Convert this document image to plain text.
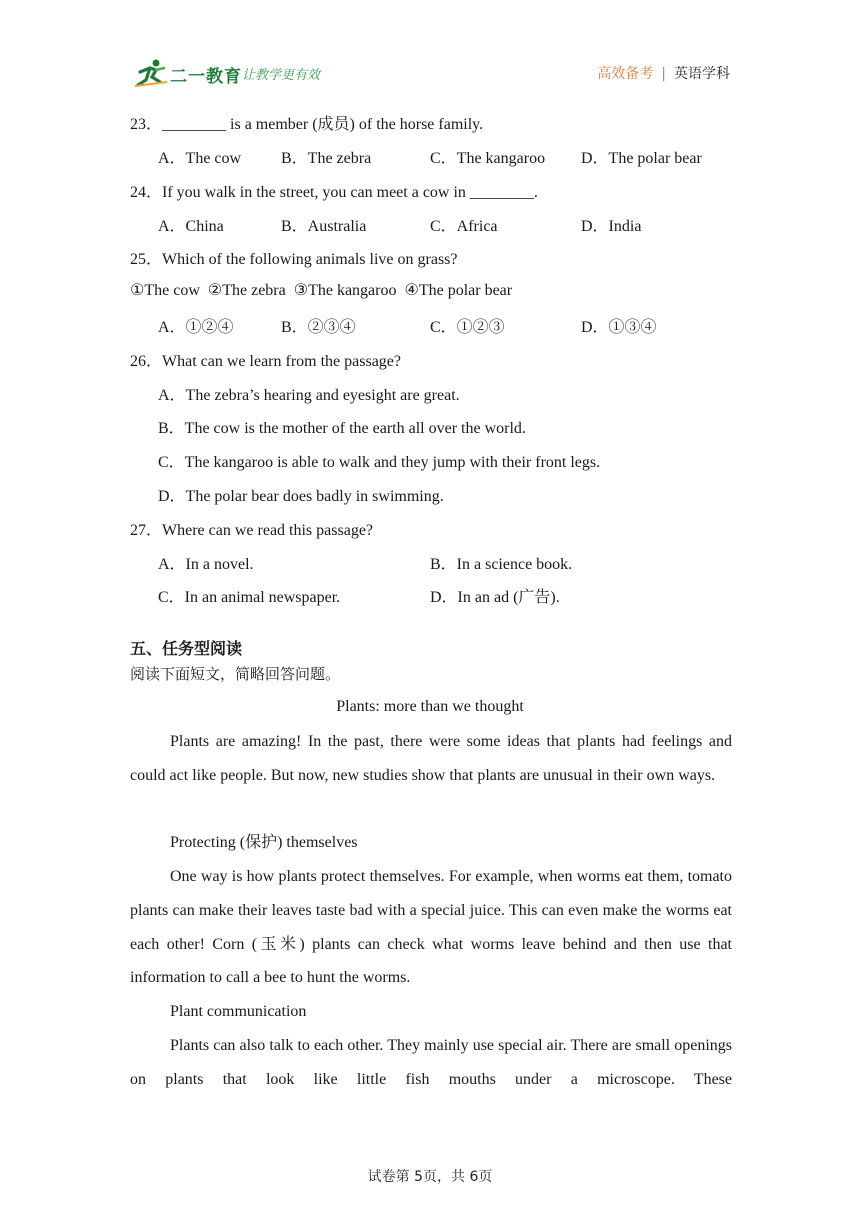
二一教育 让教学更有效	高效备考 | 英语学科
23．________ is a member (成员) of the horse family.
A．The cow B．The zebra	C．The kangaroo D．The polar bear
24．If you walk in the street, you can meet a cow in ________.
A．China	B．Australia	C．Africa	D．India
25．Which of the following animals live on grass?
①The cow  ②The zebra  ③The kangaroo  ④The polar bear
A．①②④	B．②③④	C．①②③	D．①③④
26．What can we learn from the passage?
A．The zebra’s hearing and eyesight are great.
B．The cow is the mother of the earth all over the world.
C．The kangaroo is able to walk and they jump with their front legs.
D．The polar bear does badly in swimming.
27．Where can we read this passage?
A．In a novel.	B．In a science book.
C．In an animal newspaper.	D．In an ad (广告).
五、任务型阅读
阅读下面短文，简略回答问题。
Plants: more than we thought

Plants are amazing! In the past, there were some ideas that plants had feelings and could act like people. But now, new studies show that plants are unusual in their own ways.

Protecting (保护) themselves

One way is how plants protect themselves. For example, when worms eat them, tomato plants can make their leaves taste bad with a special juice. This can even make the worms eat each other! Corn (玉米) plants can check what worms leave behind and then use that information to call a bee to hunt the worms.

Plant communication

Plants can also talk to each other. They mainly use special air. There are small openings on plants that look like little fish mouths under a microscope. These

试卷第 5页，共 6页
